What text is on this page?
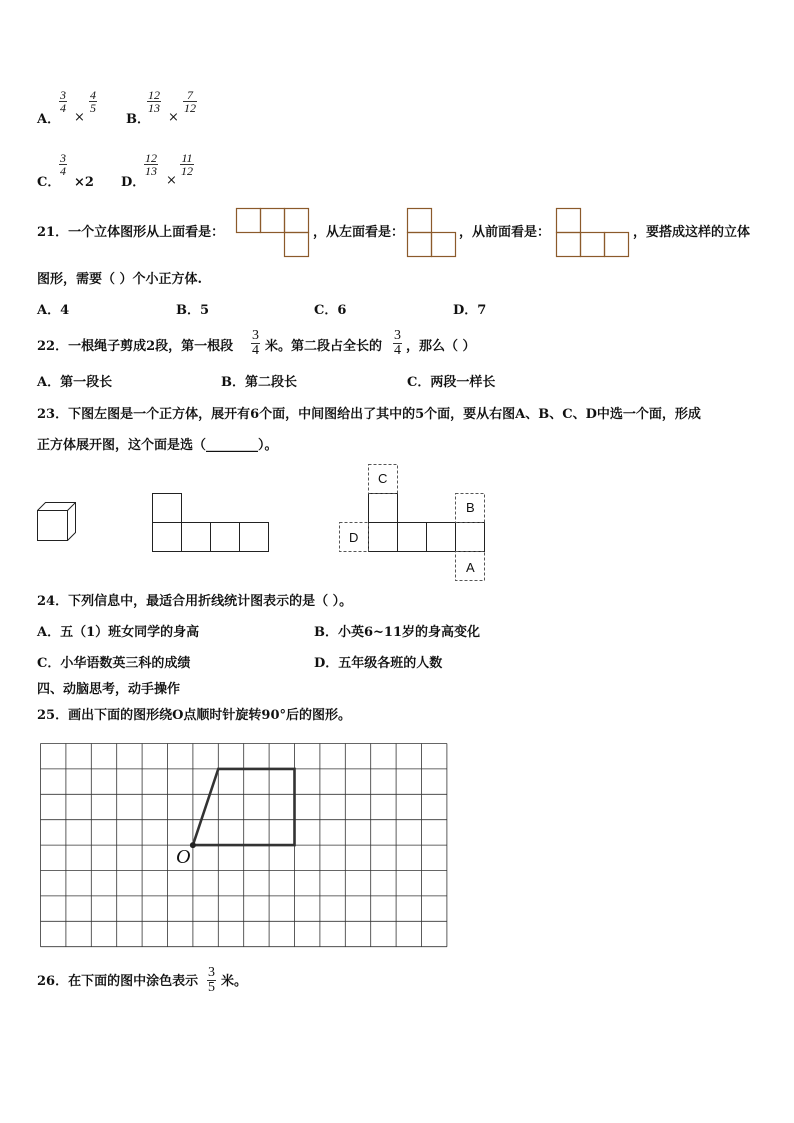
A．
$\frac{3}{4}$
×
$\frac{4}{5}$
B．
$\frac{12}{13}$
×
$\frac{7}{12}$
C．
$\frac{3}{4}$
×2 D．
$\frac{12}{13}$
×
$\frac{11}{12}$
21．一个立体图形从上面看是：	，从左面看是：	，从前面看是：	，要搭成这样的立体
图形，需要（ ）个小正方体.
A．4	B．5	C．6	D．7
22．一根绳子剪成2段，第一根段 $\frac{3}{4}$ 米。第二段占全长的 $\frac{3}{4}$ ，那么（ ）
A．第一段长	B．第二段长	C．两段一样长
23．下图左图是一个正方体，展开有6个面，中间图给出了其中的5个面，要从右图A、B、C、D中选一个面，形成
正方体展开图，这个面是选（________）。
C
B
D
A
24．下列信息中，最适合用折线统计图表示的是（ ）。
A．五（1）班女同学的身高	B．小英6~11岁的身高变化
C．小华语数英三科的成绩	D．五年级各班的人数
四、动脑思考，动手操作
25．画出下面的图形绕O点顺时针旋转90°后的图形。
O
26．在下面的图中涂色表示 $\frac{3}{5}$ 米。
